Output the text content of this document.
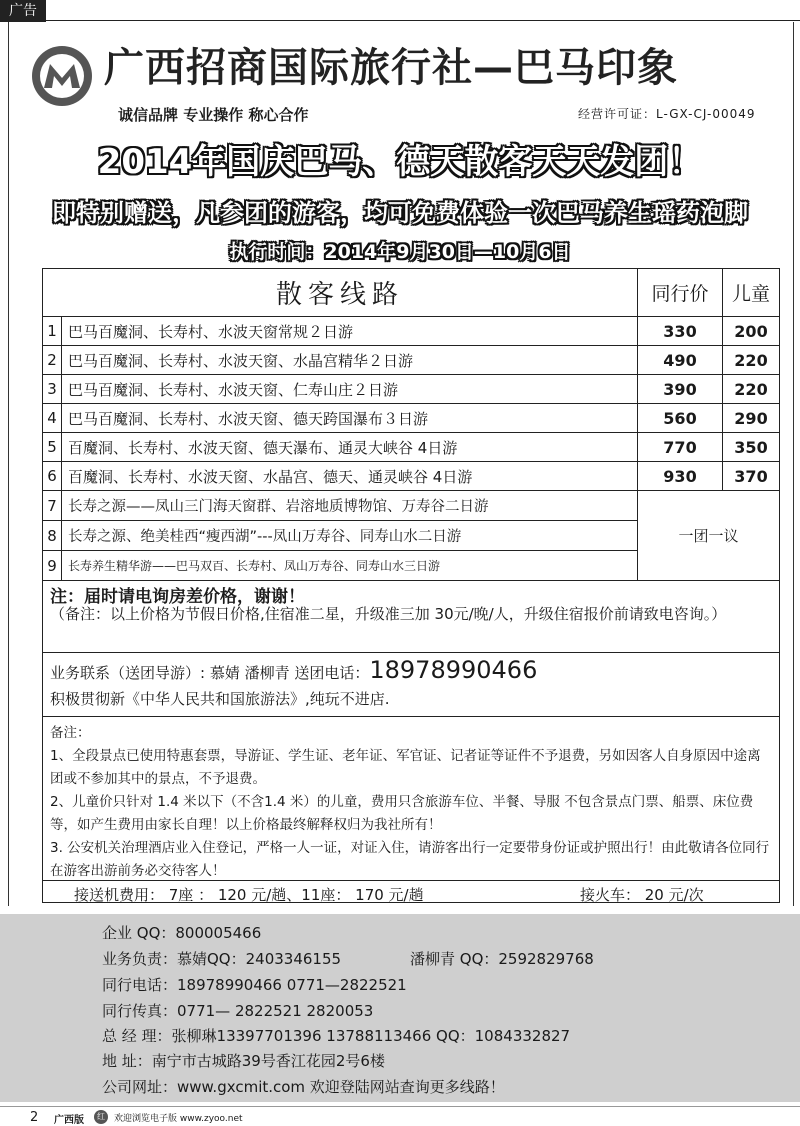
广告
广西招商国际旅行社—巴马印象
诚信品牌 专业操作 称心合作	经营许可证：L-GX-CJ-00049
2014年国庆巴马、德天散客天天发团！
即特别赠送，凡参团的游客，均可免费体验一次巴马养生瑶药泡脚
执行时间：2014年9月30日—10月6日
散客线路		同行价	儿童
1	巴马百魔洞、长寿村、水波天窗常规２日游	330	200
2	巴马百魔洞、长寿村、水波天窗、水晶宫精华２日游	490	220
3	巴马百魔洞、长寿村、水波天窗、仁寿山庄２日游	390	220
4	巴马百魔洞、长寿村、水波天窗、德天跨国瀑布３日游	560	290
5	百魔洞、长寿村、水波天窗、德天瀑布、通灵大峡谷 4日游	770	350
6	百魔洞、长寿村、水波天窗、水晶宫、德天、通灵峡谷 4日游	930	370
7	长寿之源——凤山三门海天窗群、岩溶地质博物馆、万寿谷二日游	一团一议	
8	长寿之源、绝美桂西“瘦西湖”---凤山万寿谷、同寿山水二日游		
9	长寿养生精华游——巴马双百、长寿村、凤山万寿谷、同寿山水三日游		
注：届时请电询房差价格，谢谢！
（备注：以上价格为节假日价格,住宿准二星，升级准三加 30元/晚/人，升级住宿报价前请致电咨询。）
业务联系（送团导游）: 慕婧 潘柳青 送团电话：18978990466
积极贯彻新《中华人民共和国旅游法》,纯玩不进店.
备注：
1、全段景点已使用特惠套票，导游证、学生证、老年证、军官证、记者证等证件不予退费，另如因客人自身原因中途离团或不参加其中的景点，不予退费。
2、儿童价只针对 1.4 米以下（不含1.4 米）的儿童，费用只含旅游车位、半餐、导服 不包含景点门票、船票、床位费等，如产生费用由家长自理！以上价格最终解释权归为我社所有！
3. 公安机关治理酒店业入住登记，严格一人一证，对证入住，请游客出行一定要带身份证或护照出行！由此敬请各位同行在游客出游前务必交待客人！
接送机费用： 7座 ： 120 元/趟、11座： 170 元/趟	接火车： 20 元/次
企业 QQ：800005466
业务负责：慕婧QQ：2403346155	潘柳青 QQ：2592829768
同行电话：18978990466 0771—2822521
同行传真：0771— 2822521 2820053
总 经 理：张柳琳13397701396 13788113466 QQ：1084332827
地 址：南宁市古城路39号香江花园2号6楼
公司网址：www.gxcmit.com 欢迎登陆网站查询更多线路！
2 广西版	红	欢迎浏览电子版 www.zyoo.net
